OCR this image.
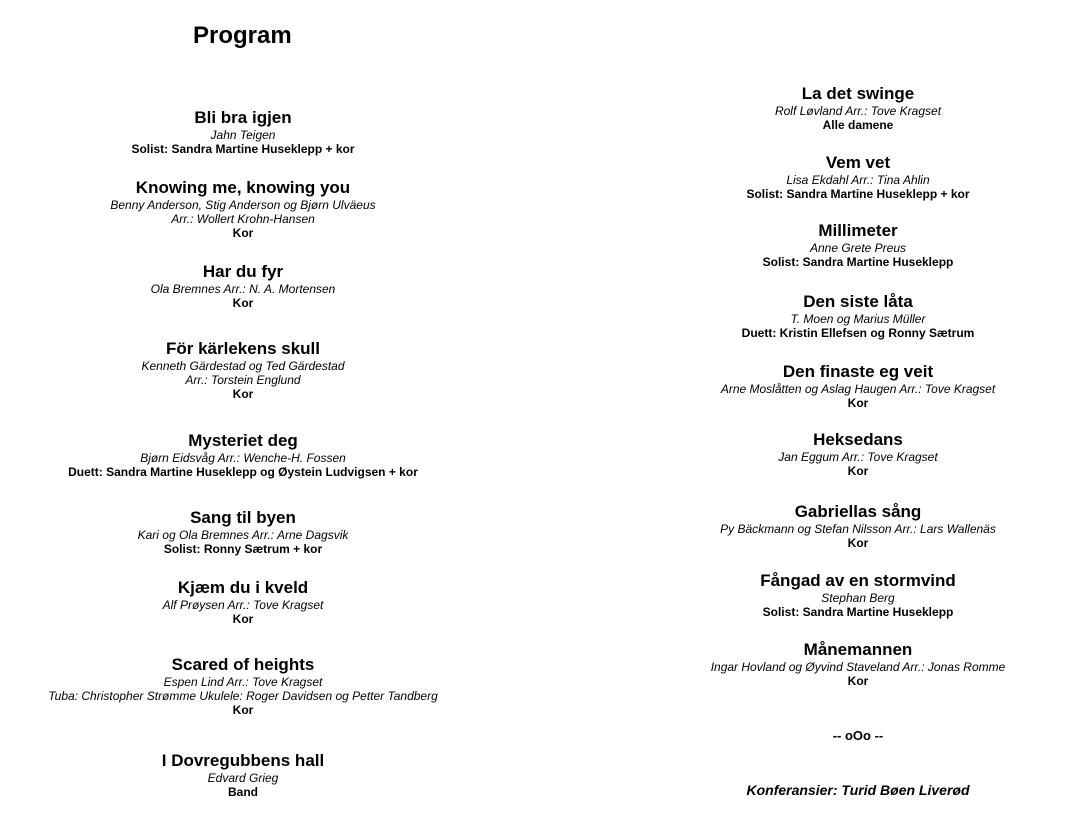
Program
Bli bra igjen
Jahn Teigen
Solist: Sandra Martine Huseklepp + kor
Knowing me, knowing you
Benny Anderson, Stig Anderson og Bjørn Ulväeus
Arr.: Wollert Krohn-Hansen
Kor
Har du fyr
Ola Bremnes Arr.: N. A. Mortensen
Kor
För kärlekens skull
Kenneth Gärdestad og Ted Gärdestad
Arr.: Torstein Englund
Kor
Mysteriet deg
Bjørn Eidsvåg Arr.: Wenche-H. Fossen
Duett: Sandra Martine Huseklepp og Øystein Ludvigsen + kor
Sang til byen
Kari og Ola Bremnes Arr.: Arne Dagsvik
Solist: Ronny Sætrum + kor
Kjæm du i kveld
Alf Prøysen Arr.: Tove Kragset
Kor
Scared of heights
Espen Lind Arr.: Tove Kragset
Tuba: Christopher Strømme Ukulele: Roger Davidsen og Petter Tandberg
Kor
I Dovregubbens hall
Edvard Grieg
Band
La det swinge
Rolf Løvland Arr.: Tove Kragset
Alle damene
Vem vet
Lisa Ekdahl Arr.: Tina Ahlin
Solist: Sandra Martine Huseklepp + kor
Millimeter
Anne Grete Preus
Solist: Sandra Martine Huseklepp
Den siste låta
T. Moen og Marius Müller
Duett: Kristin Ellefsen og Ronny Sætrum
Den finaste eg veit
Arne Moslåtten og Aslag Haugen Arr.: Tove Kragset
Kor
Heksedans
Jan Eggum Arr.: Tove Kragset
Kor
Gabriellas sång
Py Bäckmann og Stefan Nilsson Arr.: Lars Wallenäs
Kor
Fångad av en stormvind
Stephan Berg
Solist: Sandra Martine Huseklepp
Månemannen
Ingar Hovland og Øyvind Staveland Arr.: Jonas Romme
Kor
-- oOo --
Konferansier: Turid Bøen Liverød
